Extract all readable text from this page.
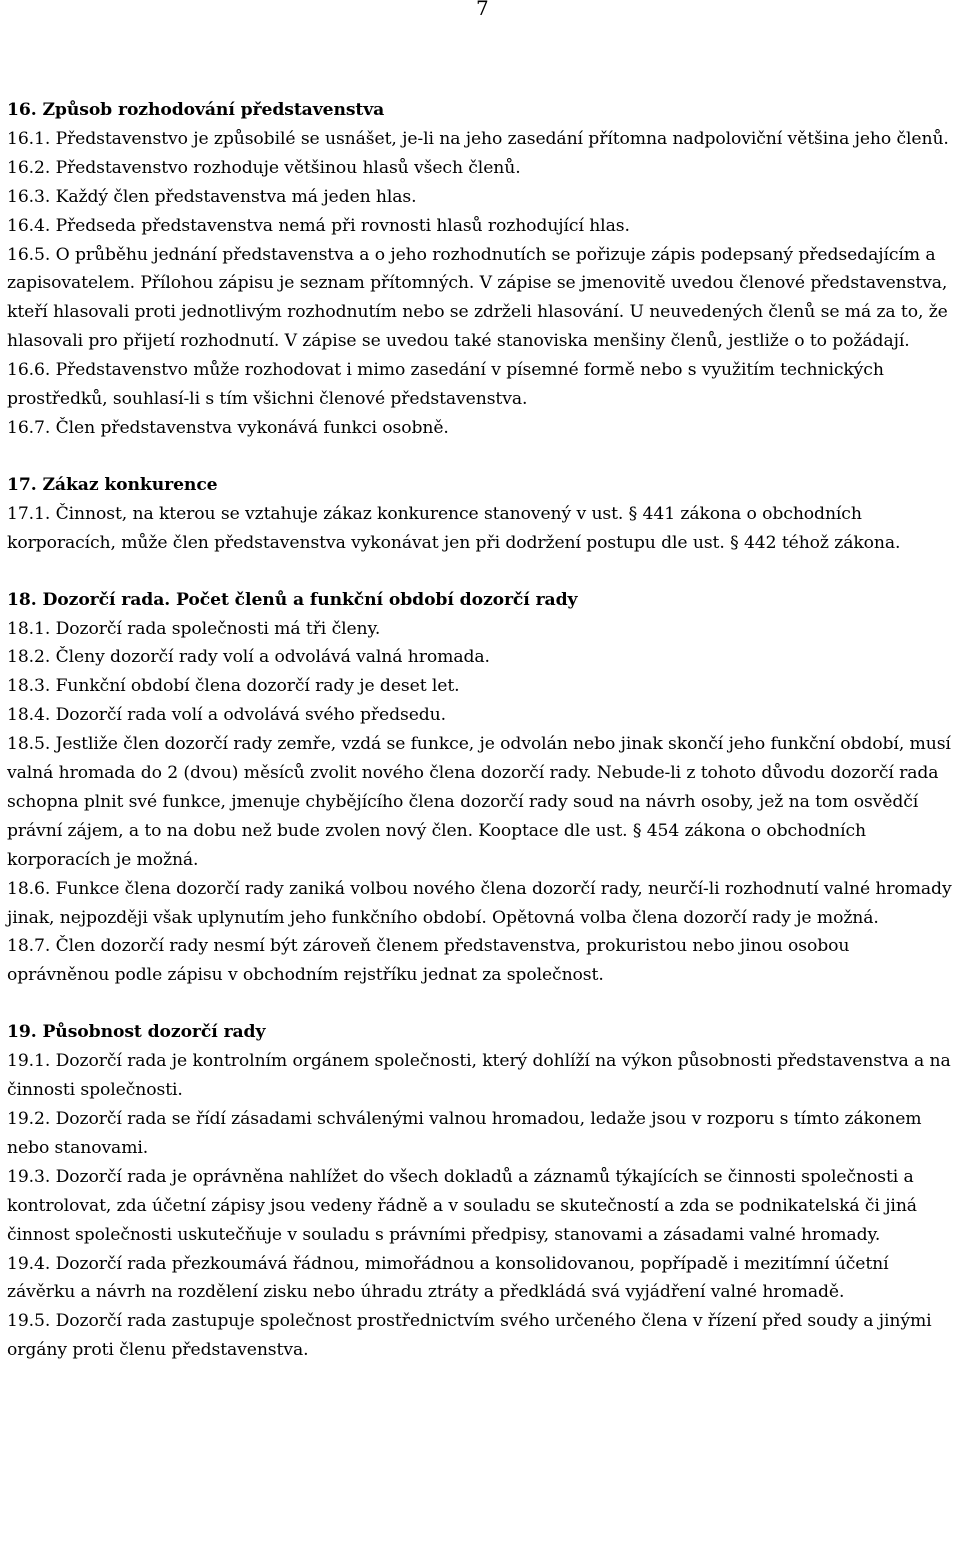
7

16. Způsob rozhodování představenstva

16.1. Představenstvo je způsobilé se usnášet, je-li na jeho zasedání přítomna nadpoloviční většina jeho členů.

16.2. Představenstvo rozhoduje většinou hlasů všech členů.

16.3. Každý člen představenstva má jeden hlas.

16.4. Předseda představenstva nemá při rovnosti hlasů rozhodující hlas.

16.5. O průběhu jednání představenstva a o jeho rozhodnutích se pořizuje zápis podepsaný předsedajícím a zapisovatelem. Přílohou zápisu je seznam přítomných. V zápise se jmenovitě uvedou členové představenstva, kteří hlasovali proti jednotlivým rozhodnutím nebo se zdrželi hlasování. U neuvedených členů se má za to, že hlasovali pro přijetí rozhodnutí. V zápise se uvedou také stanoviska menšiny členů, jestliže o to požádají.

16.6. Představenstvo může rozhodovat i mimo zasedání v písemné formě nebo s využitím technických prostředků, souhlasí-li s tím všichni členové představenstva.

16.7. Člen představenstva vykonává funkci osobně.

17. Zákaz konkurence

17.1. Činnost, na kterou se vztahuje zákaz konkurence stanovený v ust. § 441 zákona o obchodních korporacích, může člen představenstva vykonávat jen při dodržení postupu dle ust. § 442 téhož zákona.

18. Dozorčí rada. Počet členů a funkční období dozorčí rady

18.1. Dozorčí rada společnosti má tři členy.

18.2. Členy dozorčí rady volí a odvolává valná hromada.

18.3. Funkční období člena dozorčí rady je deset let.

18.4. Dozorčí rada volí a odvolává svého předsedu.

18.5. Jestliže člen dozorčí rady zemře, vzdá se funkce, je odvolán nebo jinak skončí jeho funkční období, musí valná hromada do 2 (dvou) měsíců zvolit nového člena dozorčí rady. Nebude-li z tohoto důvodu dozorčí rada schopna plnit své funkce, jmenuje chybějícího člena dozorčí rady soud na návrh osoby, jež na tom osvědčí právní zájem, a to na dobu než bude zvolen nový člen. Kooptace dle ust. § 454 zákona o obchodních korporacích je možná.

18.6. Funkce člena dozorčí rady zaniká volbou nového člena dozorčí rady, neurčí-li rozhodnutí valné hromady jinak, nejpozději však uplynutím jeho funkčního období. Opětovná volba člena dozorčí rady je možná.

18.7. Člen dozorčí rady nesmí být zároveň členem představenstva, prokuristou nebo jinou osobou oprávněnou podle zápisu v obchodním rejstříku jednat za společnost.

19. Působnost dozorčí rady

19.1. Dozorčí rada je kontrolním orgánem společnosti, který dohlíží na výkon působnosti představenstva a na činnosti společnosti.

19.2. Dozorčí rada se řídí zásadami schválenými valnou hromadou, ledaže jsou v rozporu s tímto zákonem nebo stanovami.

19.3. Dozorčí rada je oprávněna nahlížet do všech dokladů a záznamů týkajících se činnosti společnosti a kontrolovat, zda účetní zápisy jsou vedeny řádně a v souladu se skutečností a zda se podnikatelská či jiná činnost společnosti uskutečňuje v souladu s právními předpisy, stanovami a zásadami valné hromady.

19.4. Dozorčí rada přezkoumává řádnou, mimořádnou a konsolidovanou, popřípadě i mezitímní účetní závěrku a návrh na rozdělení zisku nebo úhradu ztráty a předkládá svá vyjádření valné hromadě.

19.5. Dozorčí rada zastupuje společnost prostřednictvím svého určeného člena v řízení před soudy a jinými orgány proti členu představenstva.
